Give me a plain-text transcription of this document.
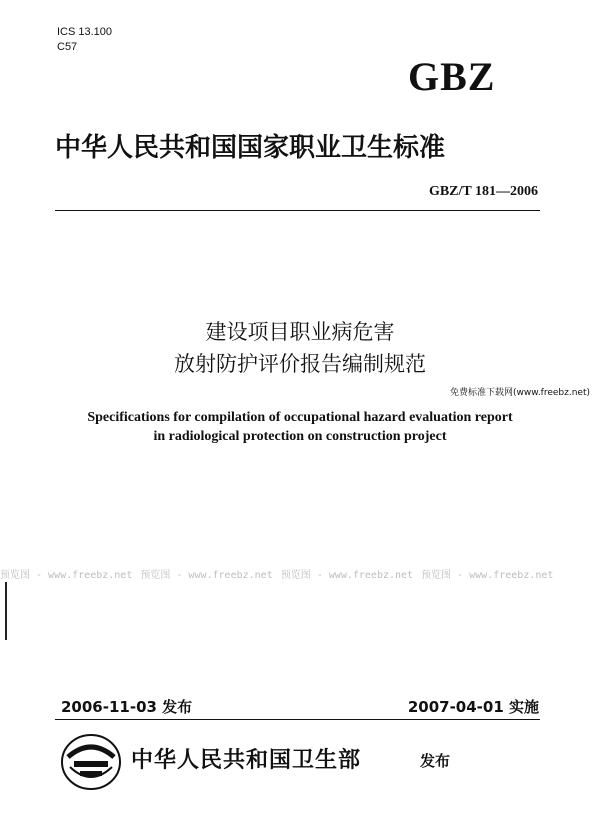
ICS 13.100
C57
GBZ
中华人民共和国国家职业卫生标准
GBZ/T 181—2006
建设项目职业病危害
放射防护评价报告编制规范
免费标准下载网(www.freebz.net)
Specifications for compilation of occupational hazard evaluation report
in radiological protection on construction project
预览图 - www.freebz.net 预览图 - www.freebz.net 预览图 - www.freebz.net 预览图 - www.freebz.net
2006-11-03 发布	2007-04-01 实施
中华人民共和国卫生部	发布
